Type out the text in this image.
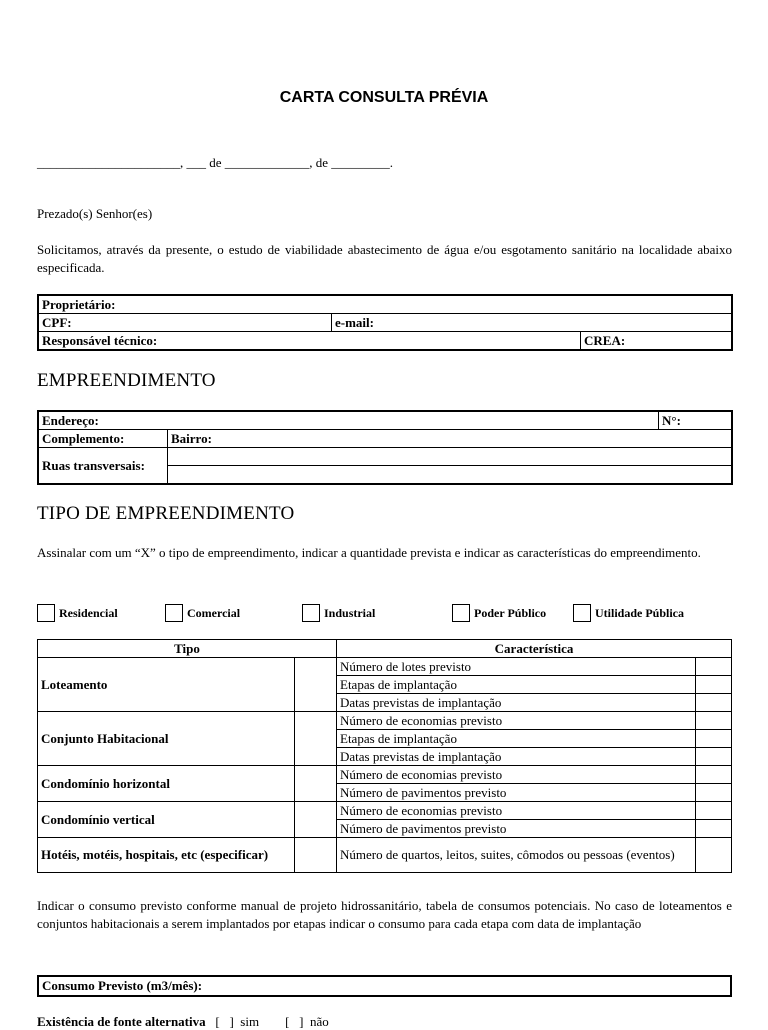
CARTA CONSULTA PRÉVIA
______________________, ___ de _____________, de _________.
Prezado(s) Senhor(es)
Solicitamos, através da presente, o estudo de viabilidade abastecimento de água e/ou esgotamento sanitário na localidade abaixo especificada.
Proprietário:		
CPF:	e-mail:	
Responsável técnico:		CREA:
EMPREENDIMENTO
Endereço:		N°:
Complemento:	Bairro:	
Ruas transversais:		

TIPO DE EMPREENDIMENTO
Assinalar com um “X” o tipo de empreendimento, indicar a quantidade prevista e indicar as características do empreendimento.
Residencial	Comercial	Industrial	Poder Público	Utilidade Pública
Tipo		Característica	
Loteamento		Número de lotes previsto	
		Etapas de implantação	
		Datas previstas de implantação	
Conjunto Habitacional		Número de economias previsto	
		Etapas de implantação	
		Datas previstas de implantação	
Condomínio horizontal		Número de economias previsto	
		Número de pavimentos previsto	
Condomínio vertical		Número de economias previsto	
		Número de pavimentos previsto	
Hotéis, motéis, hospitais, etc (especificar)		Número de quartos, leitos, suites, cômodos ou pessoas (eventos)	
Indicar o consumo previsto conforme manual de projeto hidrossanitário, tabela de consumos potenciais. No caso de loteamentos e conjuntos habitacionais a serem implantados por etapas indicar o consumo para cada etapa com data de implantação
Consumo Previsto (m3/mês):
Existência de fonte alternativa [   ]  sim [   ]  não
